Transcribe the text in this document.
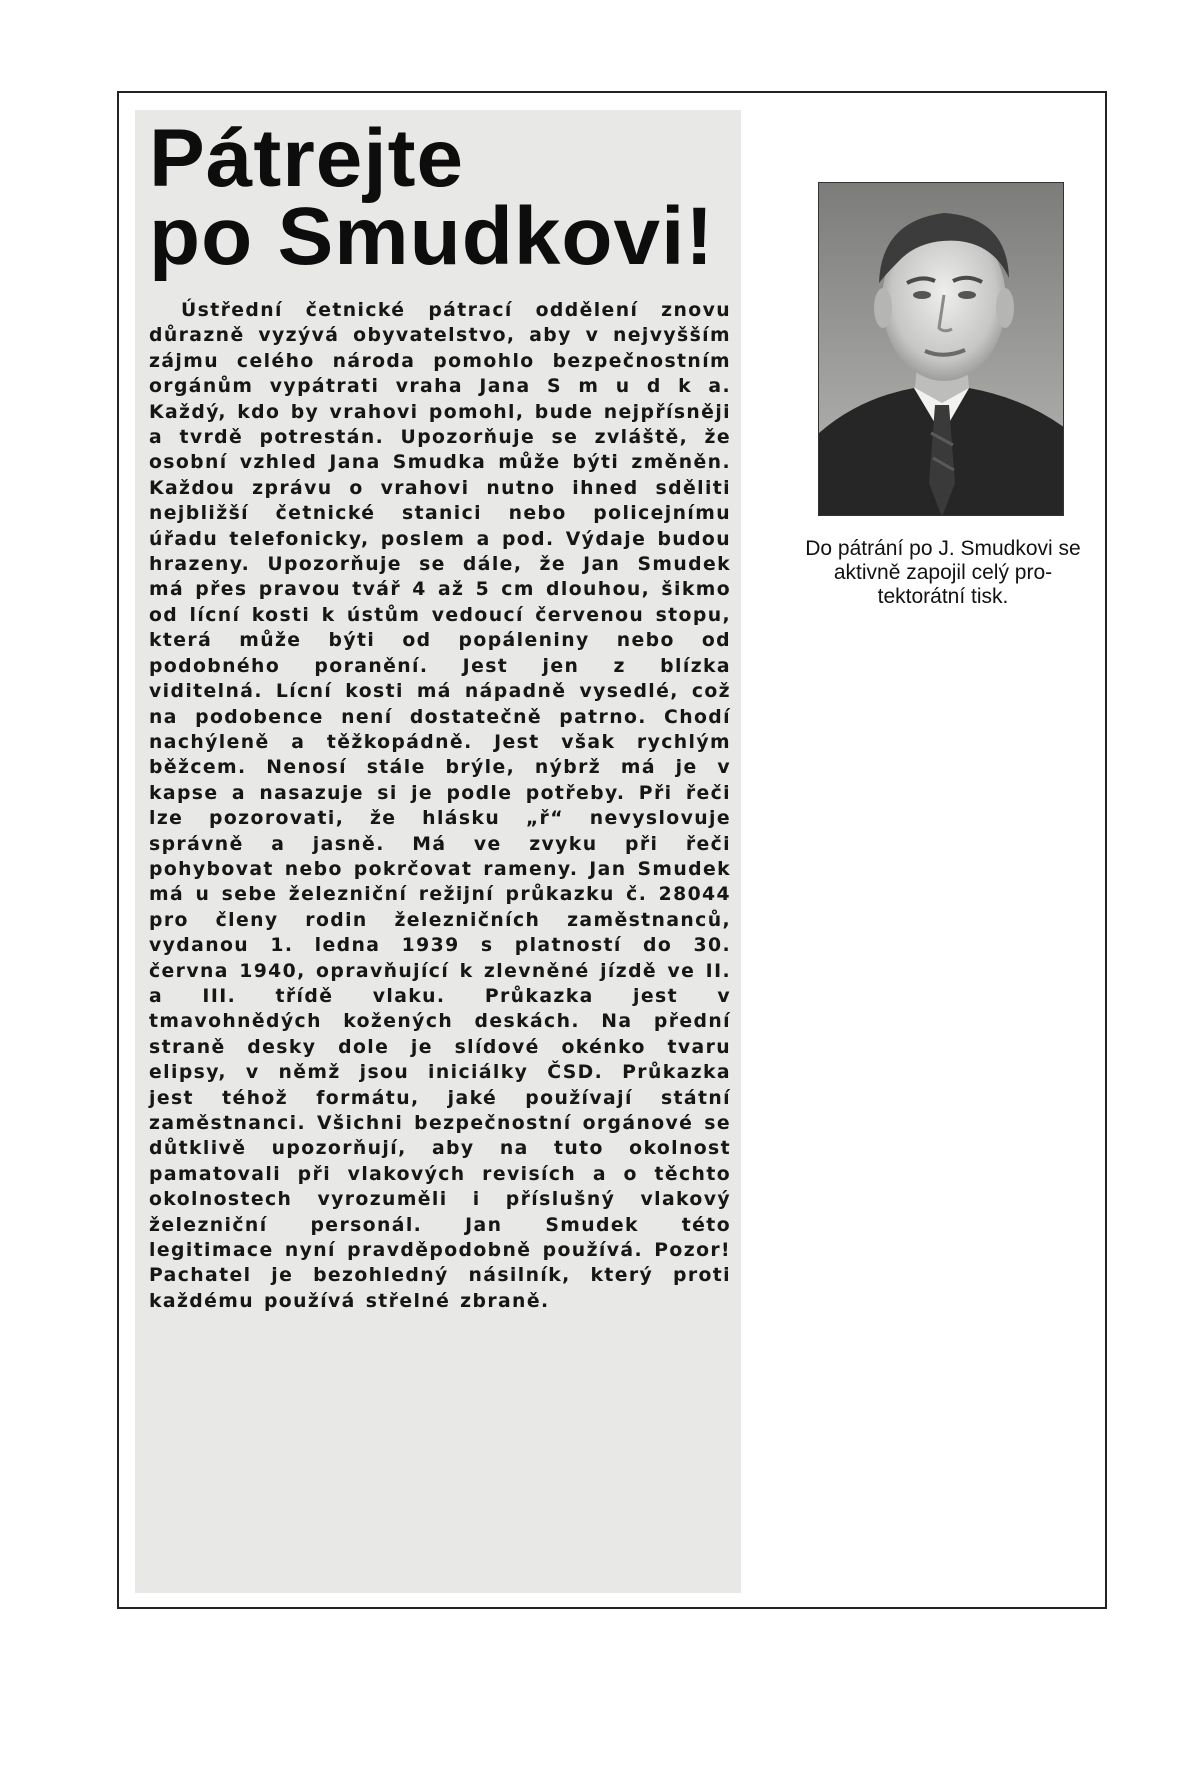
Pátrejte
po Smudkovi!

Ústřední četnické pátrací oddělení znovu důrazně vyzývá obyvatelstvo, aby v nejvyšším zájmu celého národa pomohlo bezpečnostním orgánům vypátrati vraha Jana S m u d k a. Každý, kdo by vrahovi pomohl, bude nejpřísněji a tvrdě potrestán. Upozorňuje se zvláště, že osobní vzhled Jana Smudka může býti změněn. Každou zprávu o vrahovi nutno ihned sděliti nejbližší četnické stanici nebo policejnímu úřadu telefonicky, poslem a pod. Výdaje budou hrazeny. Upozorňuje se dále, že Jan Smudek má přes pravou tvář 4 až 5 cm dlouhou, šikmo od lícní kosti k ústům vedoucí červenou stopu, která může býti od popáleniny nebo od podobného poranění. Jest jen z blízka viditelná. Lícní kosti má nápadně vysedlé, což na podobence není dostatečně patrno. Chodí nachýleně a těžkopádně. Jest však rychlým běžcem. Nenosí stále brýle, nýbrž má je v kapse a nasazuje si je podle potřeby. Při řeči lze pozorovati, že hlásku „ř“ nevyslovuje správně a jasně. Má ve zvyku při řeči pohybovat nebo pokrčovat rameny. Jan Smudek má u sebe železniční režijní průkazku č. 28044 pro členy rodin železničních zaměstnanců, vydanou 1. ledna 1939 s platností do 30. června 1940, opravňující k zlevněné jízdě ve II. a III. třídě vlaku. Průkazka jest v tmavohnědých kožených deskách. Na přední straně desky dole je slídové okénko tvaru elipsy, v němž jsou iniciálky ČSD. Průkazka jest téhož formátu, jaké používají státní zaměstnanci. Všichni bezpečnostní orgánové se důtklivě upozorňují, aby na tuto okolnost pamatovali při vlakových revisích a o těchto okolnostech vyrozuměli i příslušný vlakový železniční personál. Jan Smudek této legitimace nyní pravděpodobně používá. Pozor! Pachatel je bezohledný násilník, který proti každému používá střelné zbraně.

Do pátrání po J. Smudkovi se aktivně zapojil celý pro- tektorátní tisk.
